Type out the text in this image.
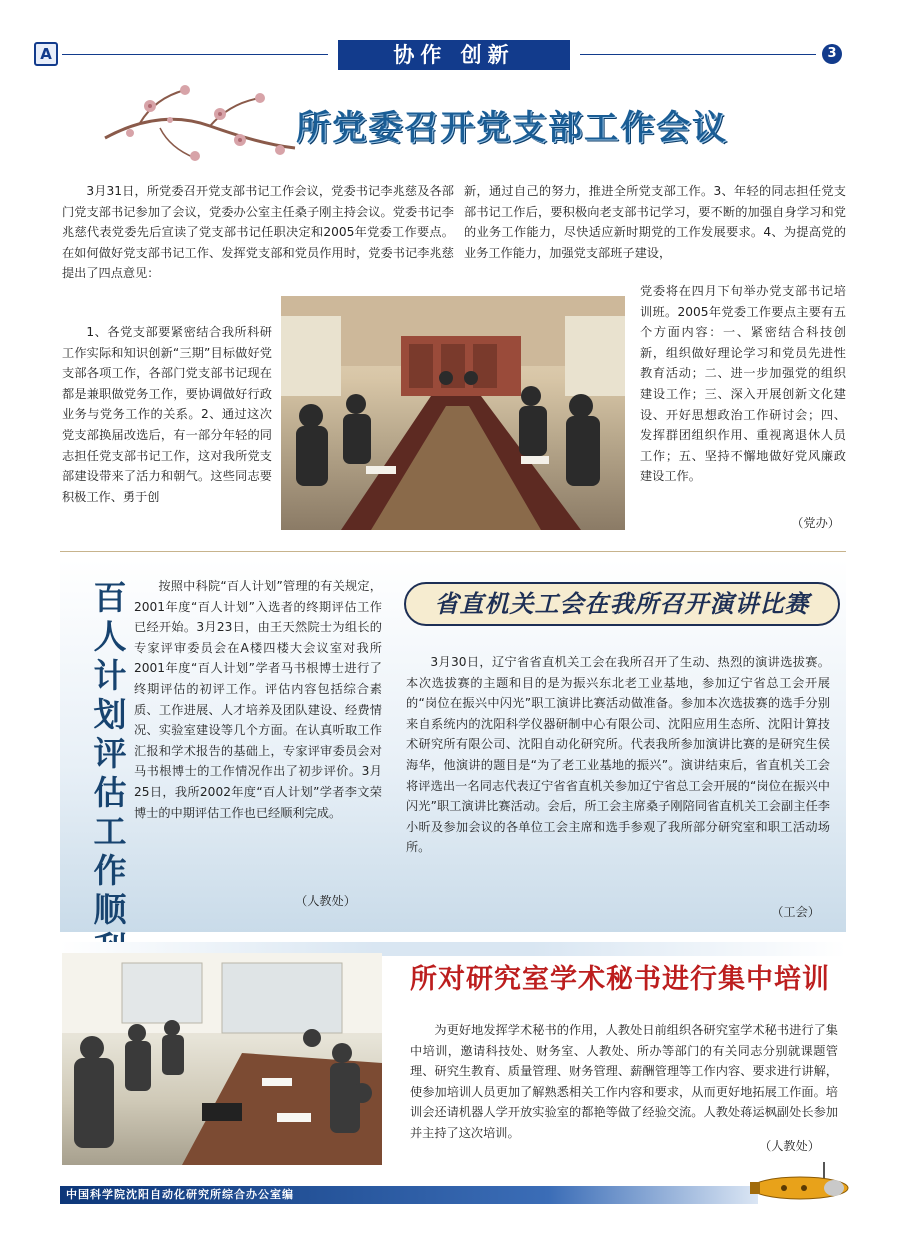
A	协作 创新	3
所党委召开党支部工作会议
3月31日，所党委召开党支部书记工作会议，党委书记李兆慈及各部门党支部书记参加了会议，党委办公室主任桑子刚主持会议。党委书记李兆慈代表党委先后宣读了党支部书记任职决定和2005年党委工作要点。在如何做好党支部书记工作、发挥党支部和党员作用时，党委书记李兆慈提出了四点意见：
1、各党支部要紧密结合我所科研工作实际和知识创新“三期”目标做好党支部各项工作，各部门党支部书记现在都是兼职做党务工作，要协调做好行政业务与党务工作的关系。2、通过这次党支部换届改选后，有一部分年轻的同志担任党支部书记工作，这对我所党支部建设带来了活力和朝气。这些同志要积极工作、勇于创
新，通过自己的努力，推进全所党支部工作。3、年轻的同志担任党支部书记工作后，要积极向老支部书记学习，要不断的加强自身学习和党的业务工作能力，尽快适应新时期党的工作发展要求。4、为提高党的业务工作能力，加强党支部班子建设，
党委将在四月下旬举办党支部书记培训班。2005年党委工作要点主要有五个方面内容：一、紧密结合科技创新，组织做好理论学习和党员先进性教育活动；二、进一步加强党的组织建设工作；三、深入开展创新文化建设、开好思想政治工作研讨会；四、发挥群团组织作用、重视离退休人员工作；五、坚持不懈地做好党风廉政建设工作。
（党办）
百人计划评估工作顺
按照中科院“百人计划”管理的有关规定，2001年度“百人计划”入选者的终期评估工作已经开始。3月23日，由王天然院士为组长的专家评审委员会在A楼四楼大会议室对我所2001年度“百人计划”学者马书根博士进行了终期评估的初评工作。评估内容包括综合素质、工作进展、人才培养及团队建设、经费情况、实验室建设等几个方面。在认真听取工作汇报和学术报告的基础上，专家评审委员会对马书根博士的工作情况作出了初步评价。3月25日，我所2002年度“百人计划”学者李文荣博士的中期评估工作也已经顺利完成。
（人教处）
省直机关工会在我所召开演讲比赛
3月30日，辽宁省省直机关工会在我所召开了生动、热烈的演讲选拔赛。本次选拔赛的主题和目的是为振兴东北老工业基地，参加辽宁省总工会开展的“岗位在振兴中闪光”职工演讲比赛活动做准备。参加本次选拔赛的选手分别来自系统内的沈阳科学仪器研制中心有限公司、沈阳应用生态所、沈阳计算技术研究所有限公司、沈阳自动化研究所。代表我所参加演讲比赛的是研究生侯海华，他演讲的题目是“为了老工业基地的振兴”。演讲结束后，省直机关工会将评选出一名同志代表辽宁省省直机关参加辽宁省总工会开展的“岗位在振兴中闪光”职工演讲比赛活动。会后，所工会主席桑子刚陪同省直机关工会副主任李小昕及参加会议的各单位工会主席和选手参观了我所部分研究室和职工活动场所。
（工会）
所对研究室学术秘书进行集中培训
为更好地发挥学术秘书的作用，人教处日前组织各研究室学术秘书进行了集中培训，邀请科技处、财务室、人教处、所办等部门的有关同志分别就课题管理、研究生教育、质量管理、财务管理、薪酬管理等工作内容、要求进行讲解，使参加培训人员更加了解熟悉相关工作内容和要求，从而更好地拓展工作面。培训会还请机器人学开放实验室的都艳等做了经验交流。人教处蒋运枫副处长参加并主持了这次培训。
（人教处）
中国科学院沈阳自动化研究所综合办公室编
